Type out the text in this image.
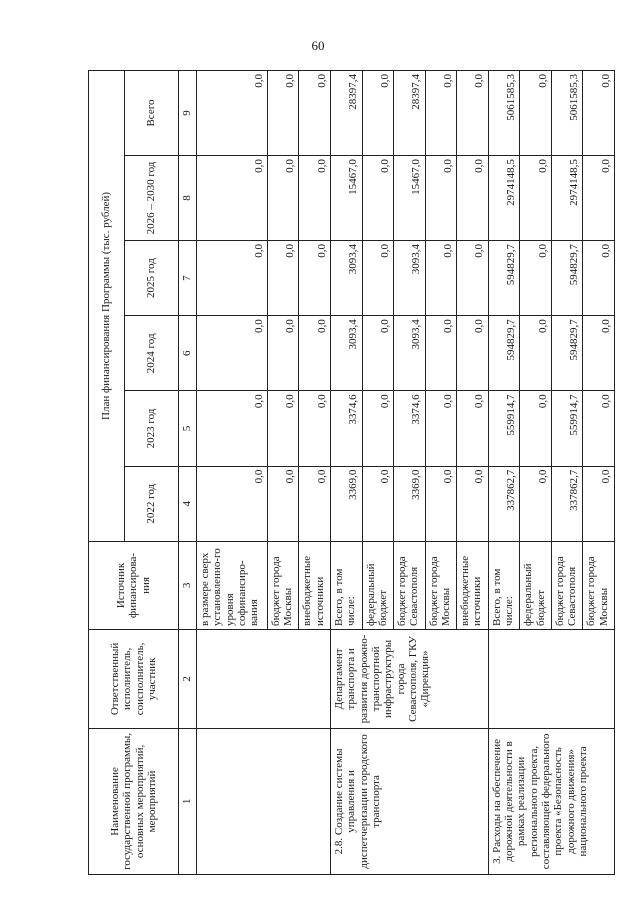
60
Наименование государственной программы, основных мероприятий, мероприятий	Ответственный исполнитель, соисполнитель, участник	Источник финансирова-ния	План финансирования Программы (тыс. рублей)					
			2022 год	2023 год	2024 год	2025 год	2026 – 2030 год	Всего
1	2	3	4	5	6	7	8	9
		в размере сверх установленно-го уровня софинансиро-вания	0,0	0,0	0,0	0,0	0,0	0,0
		бюджет города Москвы	0,0	0,0	0,0	0,0	0,0	0,0
		внебюджетные источники	0,0	0,0	0,0	0,0	0,0	0,0
2.8. Создание системы управления и диспетчеризации городского транспорта	Департамент транспорта и развития дорожно-транспортной инфраструктуры города Севастополя, ГКУ «Дирекция»	Всего, в том числе:	3369,0	3374,6	3093,4	3093,4	15467,0	28397,4
		федеральный бюджет	0,0	0,0	0,0	0,0	0,0	0,0
		бюджет города Севастополя	3369,0	3374,6	3093,4	3093,4	15467,0	28397,4
		бюджет города Москвы	0,0	0,0	0,0	0,0	0,0	0,0
		внебюджетные источники	0,0	0,0	0,0	0,0	0,0	0,0
3. Расходы на обеспечение дорожной деятельности в рамках реализации регионального проекта, составляющей федерального проекта «Безопасность дорожного движения» национального проекта		Всего, в том числе:	337862,7	559914,7	594829,7	594829,7	2974148,5	5061585,3
		федеральный бюджет	0,0	0,0	0,0	0,0	0,0	0,0
		бюджет города Севастополя	337862,7	559914,7	594829,7	594829,7	2974148,5	5061585,3
		бюджет города Москвы	0,0	0,0	0,0	0,0	0,0	0,0
